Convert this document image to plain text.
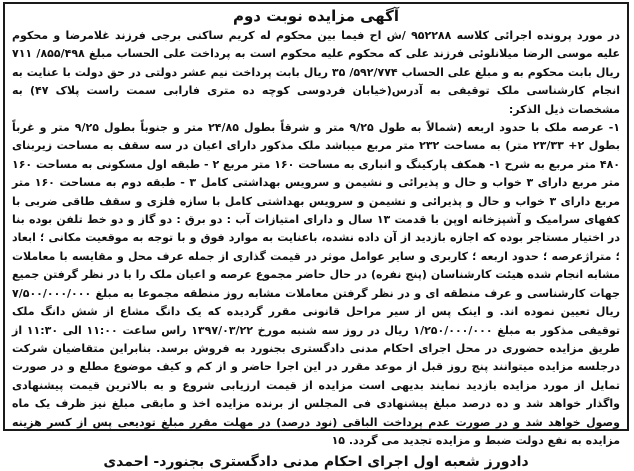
آگهی مزایده نوبت دوم

در مورد پرونده اجرائی کلاسه ۹۵۲۲۸۸ /ش اح فیما بین محکوم له کریم ساکنی برجی فرزند غلامرضا و محکوم علیه موسی الرضا میلانلوئی فرزند علی که محکوم علیه محکوم است به پرداخت علی الحساب مبلغ ۸۵۵/۴۹۸/ ۷۱۱ ریال بابت محکوم به و مبلغ علی الحساب ۵۹۲/۷۷۴/ ۳۵ ریال بابت پرداخت نیم عشر دولتی در حق دولت با عنایت به انجام کارشناسی ملک توقیفی به آدرس(خیابان فردوسی کوچه ده متری فارابی سمت راست پلاک ۴۷) به مشخصات ذیل الذکر:

۱- عرصه ملک با حدود اربعه (شمالاً به طول ۹/۲۵ متر و شرقاً بطول ۲۴/۸۵ متر و جنوباً بطول ۹/۲۵ متر و غرباً بطول ۲+ ۲۳/۳۳ متر) به مساحت ۲۳۲ متر مربع میباشد ملک مذکور دارای اعیان در سه سقف به مساحت زیربنای ۴۸۰ متر مربع به شرح ۱- همکف پارکینگ و انباری به مساحت ۱۶۰ متر مربع ۲ - طبقه اول مسکونی به مساحت ۱۶۰ متر مربع دارای ۳ خواب و حال و پذیرائی و نشیمن و سرویس بهداشتی کامل ۳ - طبقه دوم به مساحت ۱۶۰ متر مربع دارای ۳ خواب و حال و پذیرائی و نشیمن و سرویس بهداشتی کامل با سازه فلزی و سقف طاقی ضربی با کفهای سرامیک و آشپزخانه اوپن با قدمت ۱۳ سال و دارای امتیازات آب : دو برق : دو گاز و دو خط تلفن بوده بنا در اختیار مستاجر بوده که اجازه بازدید از آن داده نشده، باعنایت به موارد فوق و با توجه به موقعیت مکانی ؛ ابعاد ؛ متراژعرصه ؛ حدود اربعه ؛ کاربری و سایر عوامل موثر در قیمت گذاری از جمله عرف محل و مقایسه با معاملات مشابه انجام شده هیئت کارشناسان (پنج نفره) در حال حاضر مجموع عرصه و اعیان ملک را با در نظر گرفتن جمیع جهات کارشناسی و عرف منطقه ای و در نظر گرفتن معاملات مشابه روز منطقه مجموعا به مبلغ ۷/۵۰۰/۰۰۰/۰۰۰ ریال تعیین نموده اند. و اینک پس از سیر مراحل قانونی مقرر گردیده که یک دانگ مشاع از شش دانگ ملک توقیفی مذکور به مبلغ ۱/۲۵۰/۰۰۰/۰۰۰ ریال در روز سه شنبه مورخ ۱۳۹۷/۰۳/۲۲ راس ساعت ۱۱:۰۰ الی ۱۱:۳۰ از طریق مزایده حضوری در محل اجرای احکام مدنی دادگستری بجنورد به فروش برسد. بنابراین متقاضیان شرکت درجلسه مزایده میتوانند پنج روز قبل از موعد مقرر در این اجرا حاضر و از کم و کیف موضوع مطلع و در صورت تمایل از مورد مزایده بازدید نمایند بدیهی است مزایده از قیمت ارزیابی شروع و به بالاترین قیمت پیشنهادی واگذار خواهد شد و ده درصد مبلغ پیشنهادی فی المجلس از برنده مزایده اخذ و مابقی مبلغ نیز ظرف یک ماه وصول خواهد شد و در صورت عدم پرداخت الباقی (نود درصد) در مهلت مقرر مبلغ تودیعی پس از کسر هزینه مزایده به نفع دولت ضبط و مزایده تجدید می گردد. ۱۵

دادورز شعبه اول اجرای احکام مدنی دادگستری بجنورد- احمدی
